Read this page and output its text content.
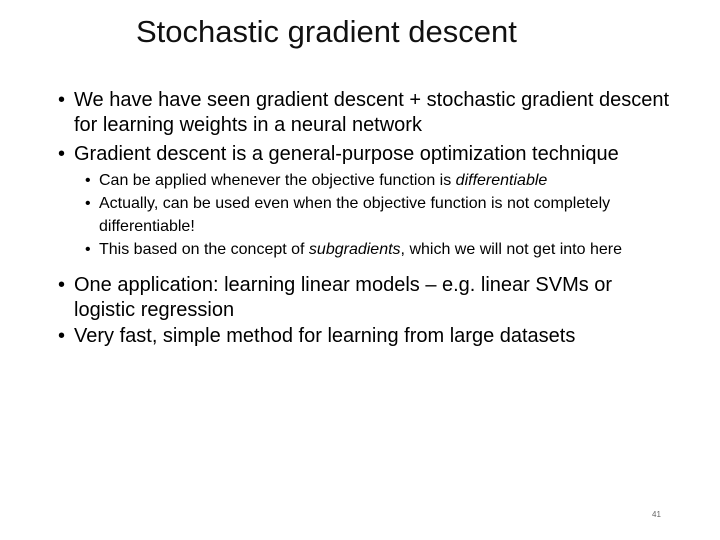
Stochastic gradient descent
• We have have seen gradient descent + stochastic gradient descent for learning weights in a neural network
• Gradient descent is a general-purpose optimization technique
• Can be applied whenever the objective function is differentiable
• Actually, can be used even when the objective function is not completely differentiable!
• This based on the concept of subgradients, which we will not get into here
• One application: learning linear models – e.g. linear SVMs or logistic regression
• Very fast, simple method for learning from large datasets
41
